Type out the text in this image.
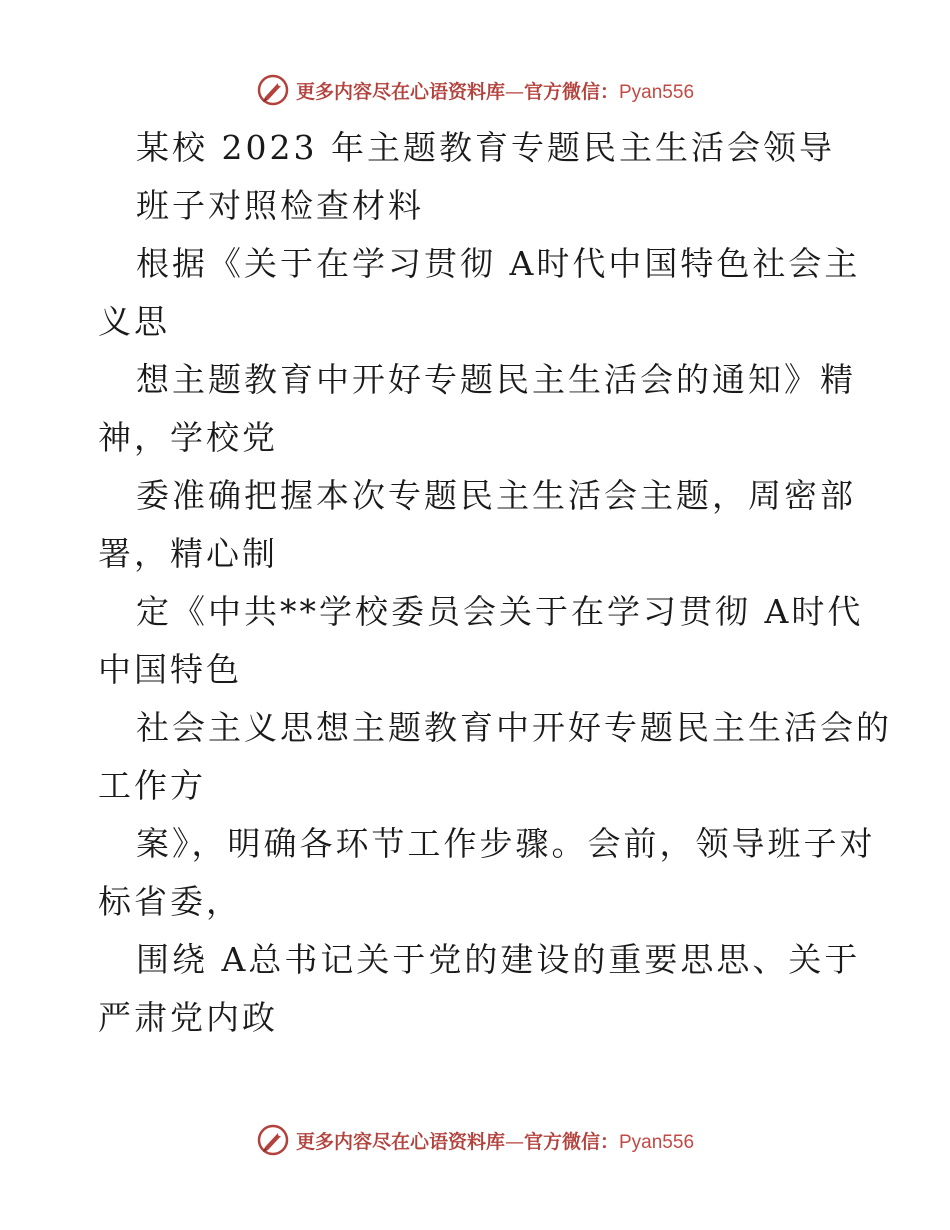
更多内容尽在心语资料库—官方微信：Pyan556
某校 2023 年主题教育专题民主生活会领导
班子对照检查材料
根据《关于在学习贯彻 A时代中国特色社会主
义思
想主题教育中开好专题民主生活会的通知》精
神，学校党
委准确把握本次专题民主生活会主题，周密部
署，精心制
定《中共**学校委员会关于在学习贯彻 A时代
中国特色
社会主义思想主题教育中开好专题民主生活会的
工作方
案》，明确各环节工作步骤。会前，领导班子对
标省委，
围绕 A总书记关于党的建设的重要思思、关于
严肃党内政
更多内容尽在心语资料库—官方微信：Pyan556
